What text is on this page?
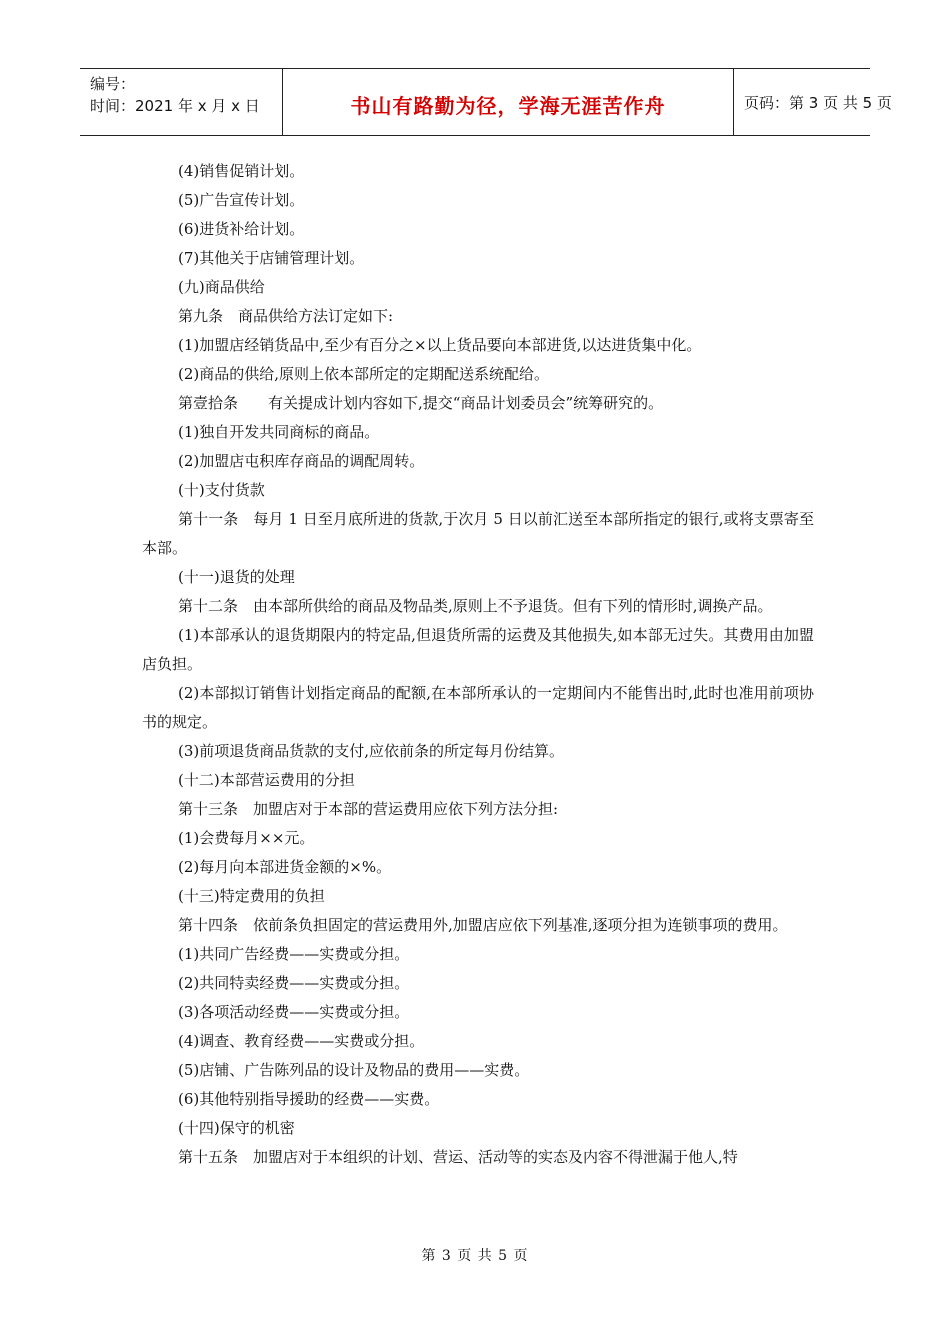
编号：
时间：2021 年 x 月 x 日	书山有路勤为径，学海无涯苦作舟	页码：第 3 页 共 5 页

(4)销售促销计划。

(5)广告宣传计划。

(6)进货补给计划。

(7)其他关于店铺管理计划。

(九)商品供给

第九条　商品供给方法订定如下:

(1)加盟店经销货品中,至少有百分之×以上货品要向本部进货,以达进货集中化。

(2)商品的供给,原则上依本部所定的定期配送系统配给。

第壹拾条　　有关提成计划内容如下,提交“商品计划委员会”统筹研究的。

(1)独自开发共同商标的商品。

(2)加盟店屯积库存商品的调配周转。

(十)支付货款

第十一条　每月 1 日至月底所进的货款,于次月 5 日以前汇送至本部所指定的银行,或将支票寄至本部。

(十一)退货的处理

第十二条　由本部所供给的商品及物品类,原则上不予退货。但有下列的情形时,调换产品。

(1)本部承认的退货期限内的特定品,但退货所需的运费及其他损失,如本部无过失。其费用由加盟店负担。

(2)本部拟订销售计划指定商品的配额,在本部所承认的一定期间内不能售出时,此时也准用前项协书的规定。

(3)前项退货商品货款的支付,应依前条的所定每月份结算。

(十二)本部营运费用的分担

第十三条　加盟店对于本部的营运费用应依下列方法分担:

(1)会费每月××元。

(2)每月向本部进货金额的×%。

(十三)特定费用的负担

第十四条　依前条负担固定的营运费用外,加盟店应依下列基准,逐项分担为连锁事项的费用。

(1)共同广告经费——实费或分担。

(2)共同特卖经费——实费或分担。

(3)各项活动经费——实费或分担。

(4)调查、教育经费——实费或分担。

(5)店铺、广告陈列品的设计及物品的费用——实费。

(6)其他特别指导援助的经费——实费。

(十四)保守的机密

第十五条　加盟店对于本组织的计划、营运、活动等的实态及内容不得泄漏于他人,特

第 3 页 共 5 页
